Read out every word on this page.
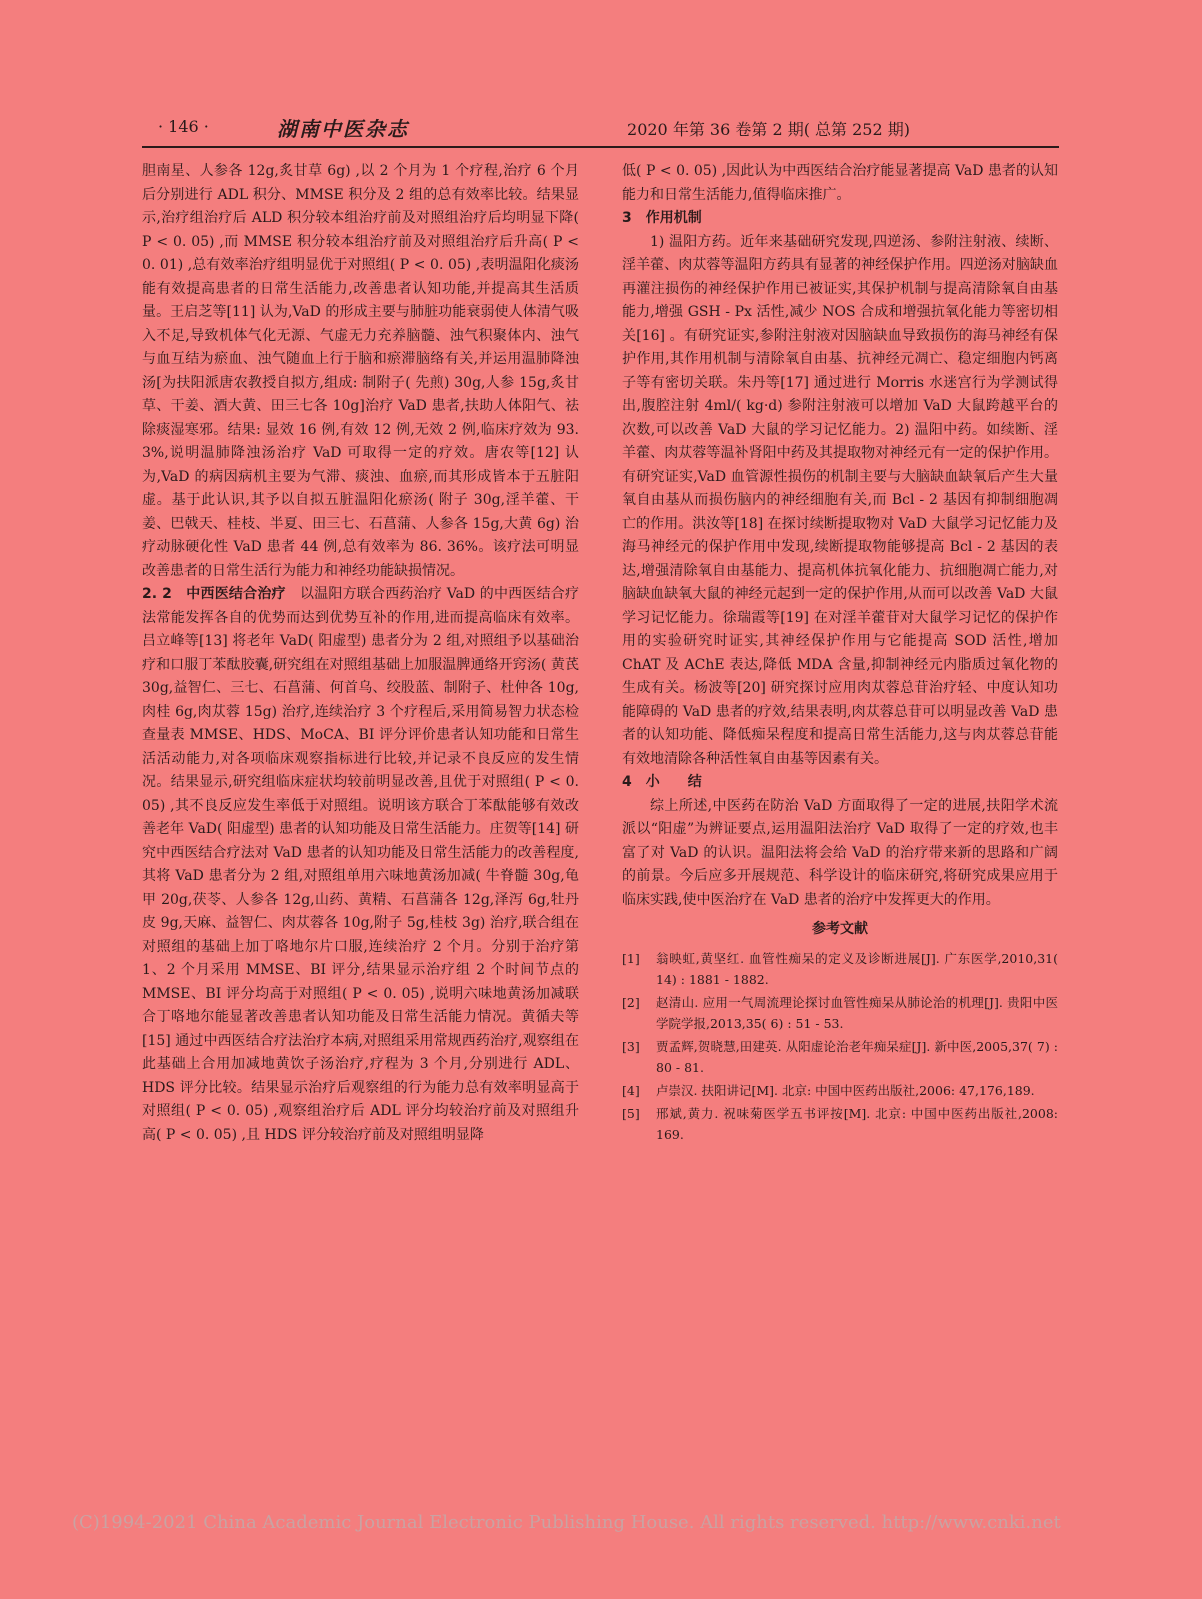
· 146 ·	湖南中医杂志	2020 年第 36 卷第 2 期( 总第 252 期)

胆南星、人参各 12g,炙甘草 6g) ,以 2 个月为 1 个疗程,治疗 6 个月后分别进行 ADL 积分、MMSE 积分及 2 组的总有效率比较。结果显示,治疗组治疗后 ALD 积分较本组治疗前及对照组治疗后均明显下降( P < 0. 05) ,而 MMSE 积分较本组治疗前及对照组治疗后升高( P < 0. 01) ,总有效率治疗组明显优于对照组( P < 0. 05) ,表明温阳化痰汤能有效提高患者的日常生活能力,改善患者认知功能,并提高其生活质量。王启芝等[11] 认为,VaD 的形成主要与肺脏功能衰弱使人体清气吸入不足,导致机体气化无源、气虚无力充养脑髓、浊气积聚体内、浊气与血互结为瘀血、浊气随血上行于脑和瘀滞脑络有关,并运用温肺降浊汤[为扶阳派唐农教授自拟方,组成: 制附子( 先煎) 30g,人参 15g,炙甘草、干姜、酒大黄、田三七各 10g]治疗 VaD 患者,扶助人体阳气、祛除痰湿寒邪。结果: 显效 16 例,有效 12 例,无效 2 例,临床疗效为 93. 3%,说明温肺降浊汤治疗 VaD 可取得一定的疗效。唐农等[12] 认为,VaD 的病因病机主要为气滞、痰浊、血瘀,而其形成皆本于五脏阳虚。基于此认识,其予以自拟五脏温阳化瘀汤( 附子 30g,淫羊藿、干姜、巴戟天、桂枝、半夏、田三七、石菖蒲、人参各 15g,大黄 6g) 治疗动脉硬化性 VaD 患者 44 例,总有效率为 86. 36%。该疗法可明显改善患者的日常生活行为能力和神经功能缺损情况。

2. 2　中西医结合治疗　 以温阳方联合西药治疗 VaD 的中西医结合疗法常能发挥各自的优势而达到优势互补的作用,进而提高临床有效率。吕立峰等[13] 将老年 VaD( 阳虚型) 患者分为 2 组,对照组予以基础治疗和口服丁苯酞胶囊,研究组在对照组基础上加服温脾通络开窍汤( 黄芪 30g,益智仁、三七、石菖蒲、何首乌、绞股蓝、制附子、杜仲各 10g,肉桂 6g,肉苁蓉 15g) 治疗,连续治疗 3 个疗程后,采用简易智力状态检查量表 MMSE、HDS、MoCA、BI 评分评价患者认知功能和日常生活活动能力,对各项临床观察指标进行比较,并记录不良反应的发生情况。结果显示,研究组临床症状均较前明显改善,且优于对照组( P < 0. 05) ,其不良反应发生率低于对照组。说明该方联合丁苯酞能够有效改善老年 VaD( 阳虚型) 患者的认知功能及日常生活能力。庄贺等[14] 研究中西医结合疗法对 VaD 患者的认知功能及日常生活能力的改善程度,其将 VaD 患者分为 2 组,对照组单用六味地黄汤加减( 牛脊髓 30g,龟甲 20g,茯苓、人参各 12g,山药、黄精、石菖蒲各 12g,泽泻 6g,牡丹皮 9g,天麻、益智仁、肉苁蓉各 10g,附子 5g,桂枝 3g) 治疗,联合组在对照组的基础上加丁咯地尔片口服,连续治疗 2 个月。分别于治疗第 1、2 个月采用 MMSE、BI 评分,结果显示治疗组 2 个时间节点的 MMSE、BI 评分均高于对照组( P < 0. 05) ,说明六味地黄汤加减联合丁咯地尔能显著改善患者认知功能及日常生活能力情况。黄循夫等[15] 通过中西医结合疗法治疗本病,对照组采用常规西药治疗,观察组在此基础上合用加减地黄饮子汤治疗,疗程为 3 个月,分别进行 ADL、HDS 评分比较。结果显示治疗后观察组的行为能力总有效率明显高于对照组( P < 0. 05) ,观察组治疗后 ADL 评分均较治疗前及对照组升高( P < 0. 05) ,且 HDS 评分较治疗前及对照组明显降

低( P < 0. 05) ,因此认为中西医结合治疗能显著提高 VaD 患者的认知能力和日常生活能力,值得临床推广。

3　作用机制

1) 温阳方药。近年来基础研究发现,四逆汤、参附注射液、续断、淫羊藿、肉苁蓉等温阳方药具有显著的神经保护作用。四逆汤对脑缺血再灌注损伤的神经保护作用已被证实,其保护机制与提高清除氧自由基能力,增强 GSH - Px 活性,减少 NOS 合成和增强抗氧化能力等密切相关[16] 。有研究证实,参附注射液对因脑缺血导致损伤的海马神经有保护作用,其作用机制与清除氧自由基、抗神经元凋亡、稳定细胞内钙离子等有密切关联。朱丹等[17] 通过进行 Morris 水迷宫行为学测试得出,腹腔注射 4ml/( kg·d) 参附注射液可以增加 VaD 大鼠跨越平台的次数,可以改善 VaD 大鼠的学习记忆能力。2) 温阳中药。如续断、淫羊藿、肉苁蓉等温补肾阳中药及其提取物对神经元有一定的保护作用。有研究证实,VaD 血管源性损伤的机制主要与大脑缺血缺氧后产生大量氧自由基从而损伤脑内的神经细胞有关,而 Bcl - 2 基因有抑制细胞凋亡的作用。洪汝等[18] 在探讨续断提取物对 VaD 大鼠学习记忆能力及海马神经元的保护作用中发现,续断提取物能够提高 Bcl - 2 基因的表达,增强清除氧自由基能力、提高机体抗氧化能力、抗细胞凋亡能力,对脑缺血缺氧大鼠的神经元起到一定的保护作用,从而可以改善 VaD 大鼠学习记忆能力。徐瑞霞等[19] 在对淫羊藿苷对大鼠学习记忆的保护作用的实验研究时证实,其神经保护作用与它能提高 SOD 活性,增加 ChAT 及 AChE 表达,降低 MDA 含量,抑制神经元内脂质过氧化物的生成有关。杨波等[20] 研究探讨应用肉苁蓉总苷治疗轻、中度认知功能障碍的 VaD 患者的疗效,结果表明,肉苁蓉总苷可以明显改善 VaD 患者的认知功能、降低痴呆程度和提高日常生活能力,这与肉苁蓉总苷能有效地清除各种活性氧自由基等因素有关。

4　小　　结

综上所述,中医药在防治 VaD 方面取得了一定的进展,扶阳学术流派以“阳虚”为辨证要点,运用温阳法治疗 VaD 取得了一定的疗效,也丰富了对 VaD 的认识。温阳法将会给 VaD 的治疗带来新的思路和广阔的前景。今后应多开展规范、科学设计的临床研究,将研究成果应用于临床实践,使中医治疗在 VaD 患者的治疗中发挥更大的作用。

参考文献
[1]	翁映虹,黄坚红. 血管性痴呆的定义及诊断进展[J]. 广东医学,2010,31( 14) : 1881 - 1882.
[2]	赵清山. 应用一气周流理论探讨血管性痴呆从肺论治的机理[J]. 贵阳中医学院学报,2013,35( 6) : 51 - 53.
[3]	贾孟辉,贺晓慧,田建英. 从阳虚论治老年痴呆症[J]. 新中医,2005,37( 7) : 80 - 81.
[4]	卢崇汉. 扶阳讲记[M]. 北京: 中国中医药出版社,2006: 47,176,189.
[5]	邢斌,黄力. 祝味菊医学五书评按[M]. 北京: 中国中医药出版社,2008: 169.
(C)1994-2021 China Academic Journal Electronic Publishing House. All rights reserved. http://www.cnki.net
